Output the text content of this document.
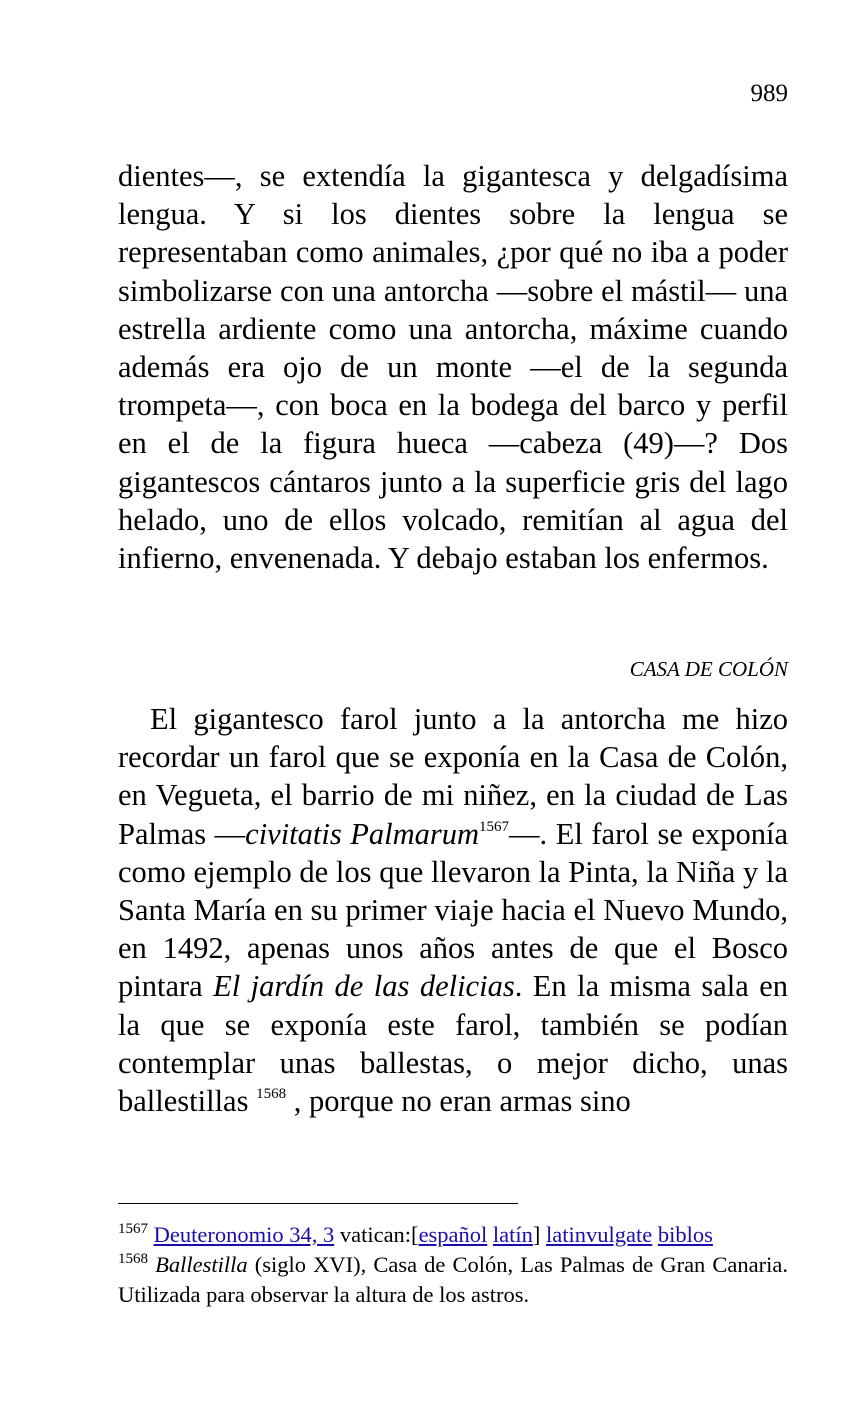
989

dientes—, se extendía la gigantesca y delgadísima lengua. Y si los dientes sobre la lengua se representaban como animales, ¿por qué no iba a poder simbolizarse con una antorcha —sobre el mástil— una estrella ardiente como una antorcha, máxime cuando además era ojo de un monte —el de la segunda trompeta—, con boca en la bodega del barco y perfil en el de la figura hueca —cabeza (49)—? Dos gigantescos cántaros junto a la superficie gris del lago helado, uno de ellos volcado, remitían al agua del infierno, envenenada. Y debajo estaban los enfermos.

CASA DE COLÓN

El gigantesco farol junto a la antorcha me hizo recordar un farol que se exponía en la Casa de Colón, en Vegueta, el barrio de mi niñez, en la ciudad de Las Palmas —civitatis Palmarum$^{1567}$—. El farol se exponía como ejemplo de los que llevaron la Pinta, la Niña y la Santa María en su primer viaje hacia el Nuevo Mundo, en 1492, apenas unos años antes de que el Bosco pintara El jardín de las delicias. En la misma sala en la que se exponía este farol, también se podían contemplar unas ballestas, o mejor dicho, unas ballestillas $^{1568}$ , porque no eran armas sino

$^{1567}$ Deuteronomio 34, 3 vatican:[español latín] latinvulgate biblos

$^{1568}$ Ballestilla (siglo XVI), Casa de Colón, Las Palmas de Gran Canaria. Utilizada para observar la altura de los astros.
